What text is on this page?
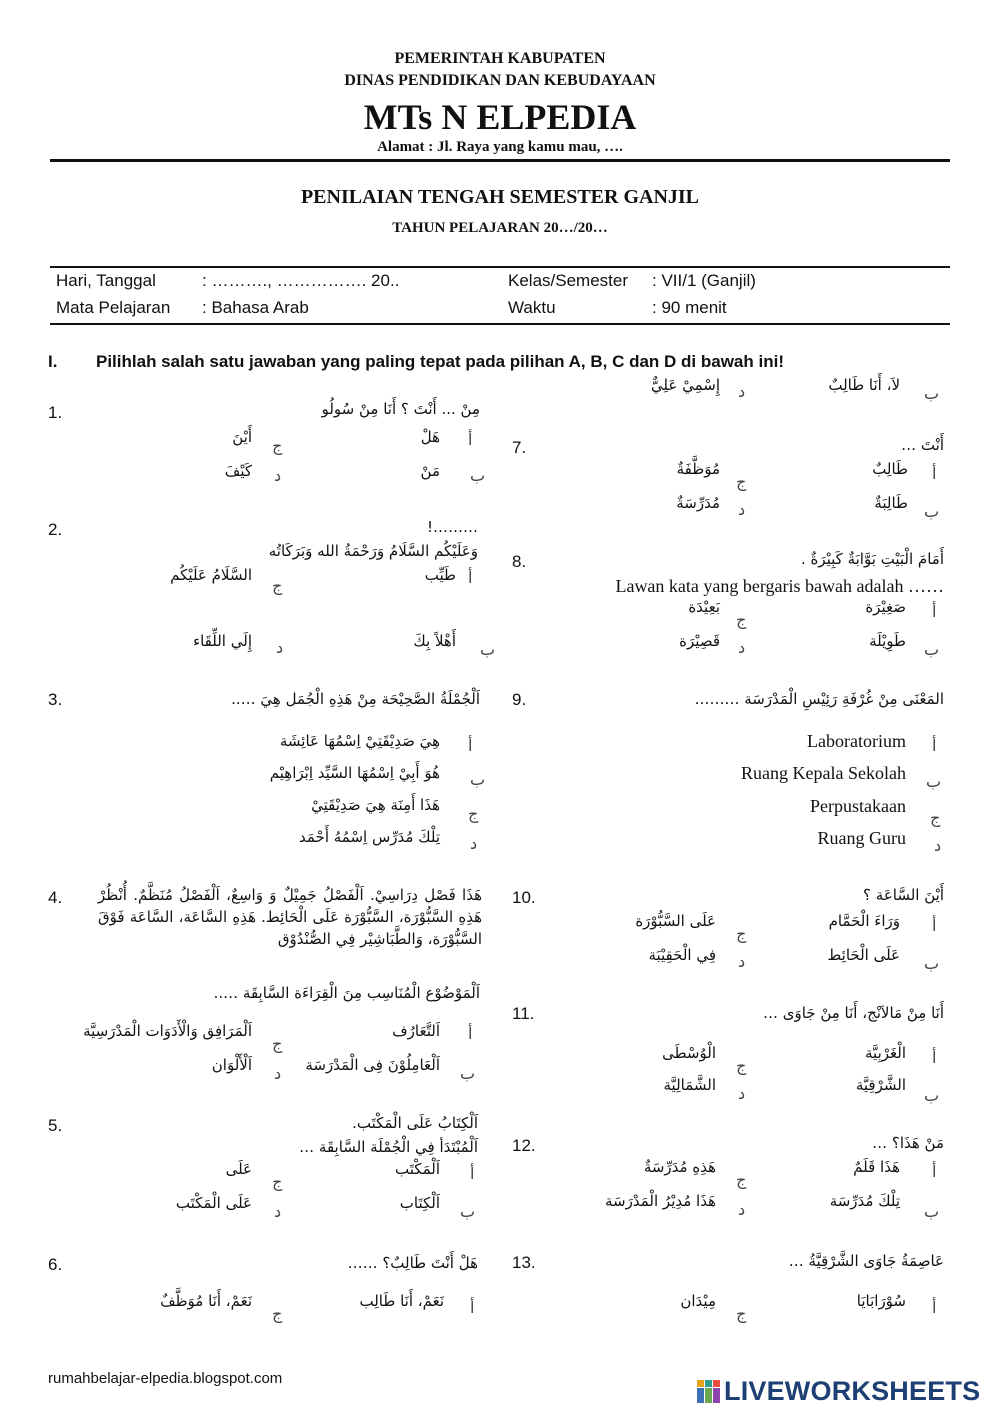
PEMERINTAH KABUPATEN
DINAS PENDIDIKAN DAN KEBUDAYAAN
MTs N ELPEDIA
Alamat : Jl. Raya yang kamu mau, ….
PENILAIAN TENGAH SEMESTER GANJIL
TAHUN PELAJARAN 20…/20…
Hari, Tanggal	: ………., ……………. 20..	Kelas/Semester : VII/1 (Ganjil)
Mata Pelajaran : Bahasa Arab	Waktu	: 90 menit
I. Pilihlah salah satu jawaban yang paling tepat pada pilihan A, B, C dan D di bawah ini!
1.	مِنْ ... أَنْتَ ؟ أَنَا مِنْ سُولُو
أ
هَلْ
ج
أَيْنَ
ب
مَنْ
د
كَيْفَ
2.	………!
وَعَلَيْكُم السَّلَامُ وَرَحْمَةُ الله وَبَرَكَاتُه
أ
طَيِّب
ج
السَّلَامُ عَلَيْكُم
ب
أَهْلاً بِكَ
د
إِلَي اللِّقَاء
3.	اَلْجُمْلَةُ الصَّحِيْحَة مِنْ هَذِهِ الْجُمَل هِيَ …..
أ
هِيَ صَدِيْقَتِيْ اِسْمُهَا عَائِشَة
ب
هُوَ أَبِيْ اِسْمُهَا السَّيِّد اِبْرَاهِيْم
ج
هَذَا أَمِنَة هِيَ صَدِيْقَتِيْ
د
تِلْكَ مُدَرِّس اِسْمُهُ أَحْمَد
4. هَذَا فَصْل دِرَاسِيْ. اَلْفَصْلُ جَمِيْلٌ وَ وَاسِعٌ، اَلْفَصْلُ مُنَظَّمٌ. أُنْظُرْ هَذِهِ السَّبُّوْرَة، السَّبُّوْرَة عَلَى الْحَائِط. هَذِهِ السَّاعَة، السَّاعَة فَوْقَ السَّبُّوْرَة، وَالطَّبَاشِيْر فِي الصُّنْدُوْق
اَلْمَوْضُوْع الْمُنَاسِب مِنَ الْقِرَاءَة السَّابِقَة …..
أ
اَلتَّعَارُف
ج
اَلْمَرَافِق وَالْأَدَوَات الْمَدْرَسِيَّة
ب
اَلْعَامِلُوْنَ فِى الْمَدْرَسَة
د
اَلْأَلْوَان
5.	اَلْكِتَابُ عَلَى الْمَكْتَب.
اَلْمُبْتَدَأ فِي الْجُمْلَة السَّابِقَة …
أ
اَلْمَكْتَب
ج
عَلَى
ب
اَلْكِتَاب
د
عَلَى الْمَكْتَب
6.	هَلْ أَنْتَ طَالِبٌ؟ ……
أ
نَعَمْ، أَنَا طَالِب
ج
نَعَمْ، أَنَا مُوَظَّفٌ
ب
لاَ، أَنَا طَالِبٌ
د
إِسْمِيْ عَلِيٌّ
7.	أَنْتَ …
أ
طَالِبٌ
ج
مُوَظَّفَةٌ
ب
طَالِبَةٌ
د
مُدَرِّسَةٌ
8.	أَمَامَ الْبَيْتِ بَوَّابَةٌ كَبِيْرَةٌ .
Lawan kata yang bergaris bawah adalah ……
أ
صَغِيْرَة
ج
بَعِيْدَة
ب
طَوِيْلَة
د
قَصِيْرَة
9.	المَعْنَى مِنْ غُرْفَةِ رَئِيْسِ الْمَدْرَسَة ………
أ
Laboratorium
ب
Ruang Kepala Sekolah
ج
Perpustakaan
د
Ruang Guru
10.	أَيْنَ السَّاعَة ؟
أ
وَرَاءَ الْحَمَّام
ج
عَلَى السَّبُّوْرَة
ب
عَلَى الْحَائِط
د
فِي الْحَقِيْبَة
11.	أَنَا مِنْ مَالاَنْج، أَنَا مِنْ جَاوَى …
أ
الْغَرْبِيَّة
ج
الْوُسْطَى
ب
الشَّرْقِيَّة
د
الشَّمَالِيَّة
12.	مَنْ هَذَا؟ …
أ
هَذَا قَلَمٌ
ج
هَذِهِ مُدَرِّسَةٌ
ب
تِلْكَ مُدَرِّسَة
د
هَذَا مُدِيْرُ الْمَدْرَسَة
13.	عَاصِمَةُ جَاوَى الشَّرْقِيَّةُ …
أ
سُوْرَابَايَا
ج
مِيْدَان
rumahbelajar-elpedia.blogspot.com	LIVEWORKSHEETS
